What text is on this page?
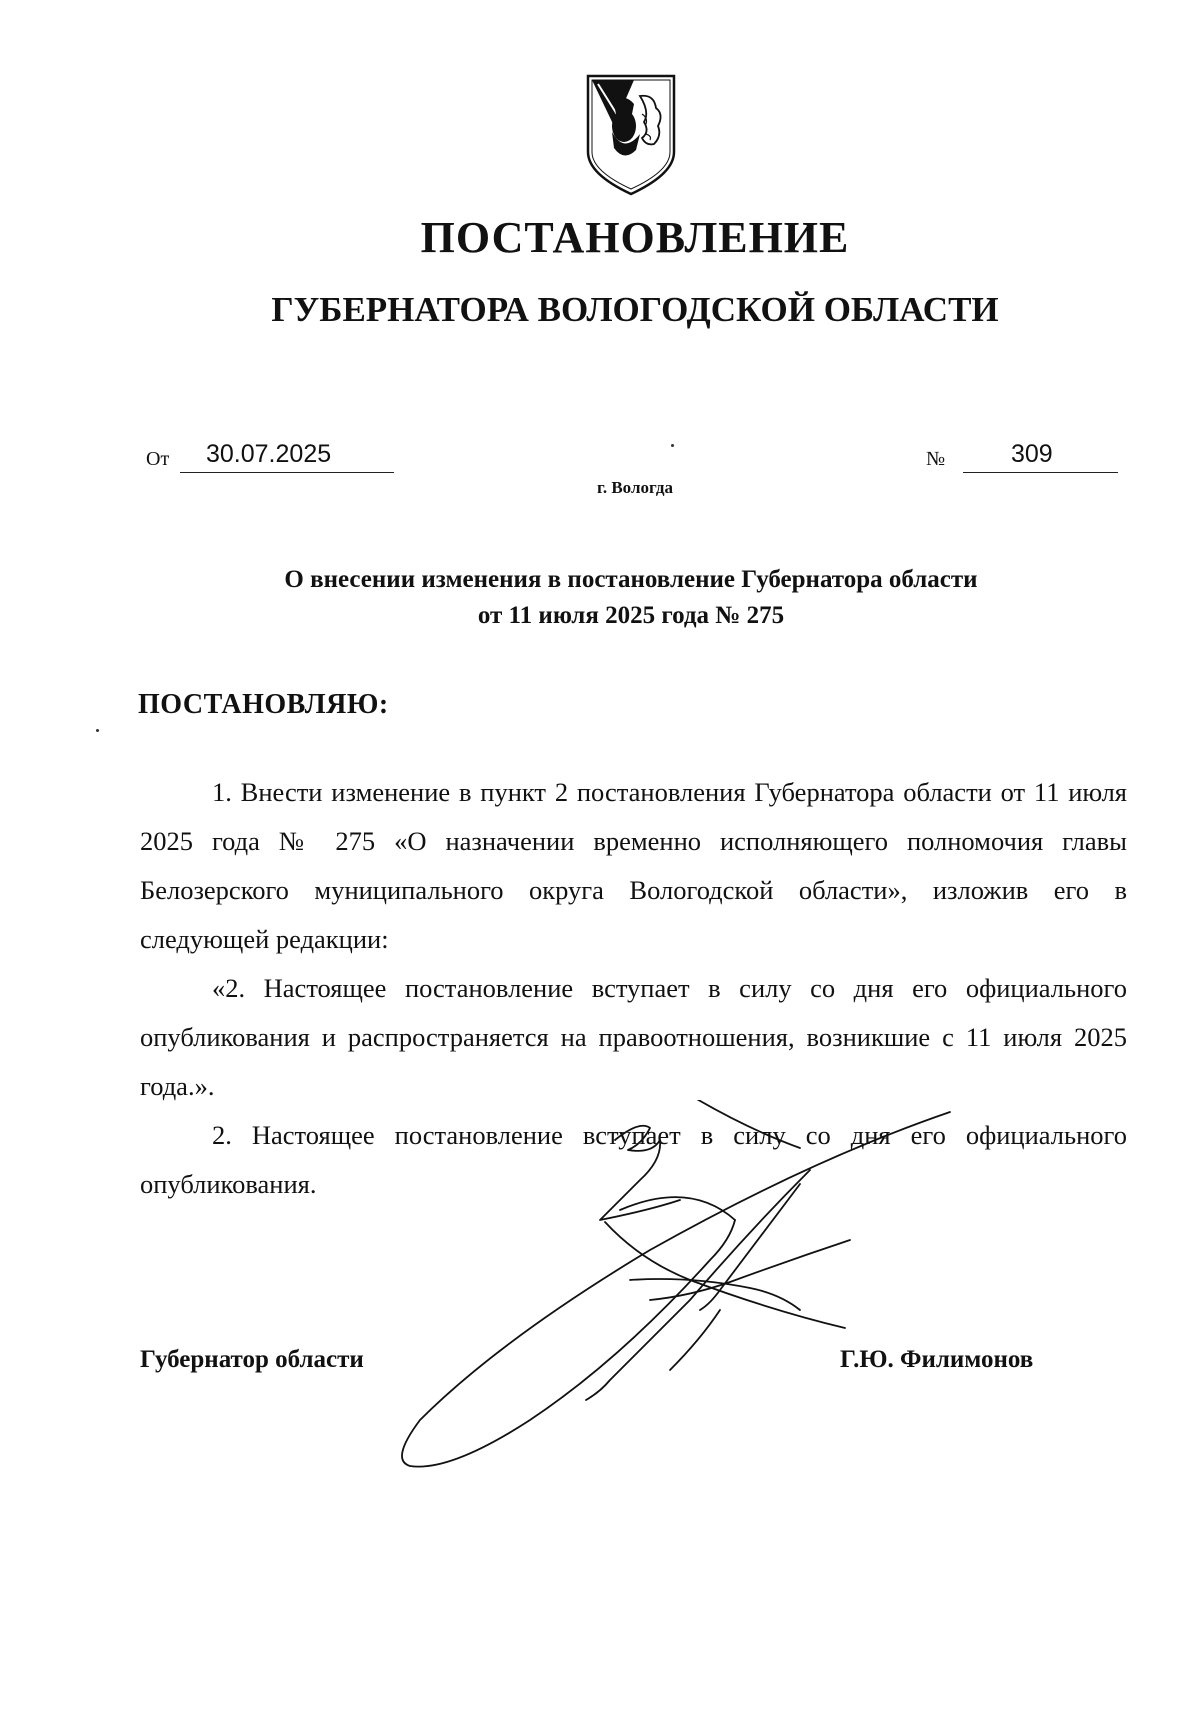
ПОСТАНОВЛЕНИЕ
ГУБЕРНАТОРА ВОЛОГОДСКОЙ ОБЛАСТИ
От	30.07.2025	№	309
г. Вологда
О внесении изменения в постановление Губернатора области
от 11 июля 2025 года № 275
ПОСТАНОВЛЯЮ:

1. Внести изменение в пункт 2 постановления Губернатора области от 11 июля 2025 года № 275 «О назначении временно исполняющего полномочия главы Белозерского муниципального округа Вологодской области», изложив его в следующей редакции:

«2. Настоящее постановление вступает в силу со дня его официального опубликования и распространяется на правоотношения, возникшие с 11 июля 2025 года.».

2. Настоящее постановление вступает в силу со дня его официального опубликования.

Губернатор области	Г.Ю. Филимонов
